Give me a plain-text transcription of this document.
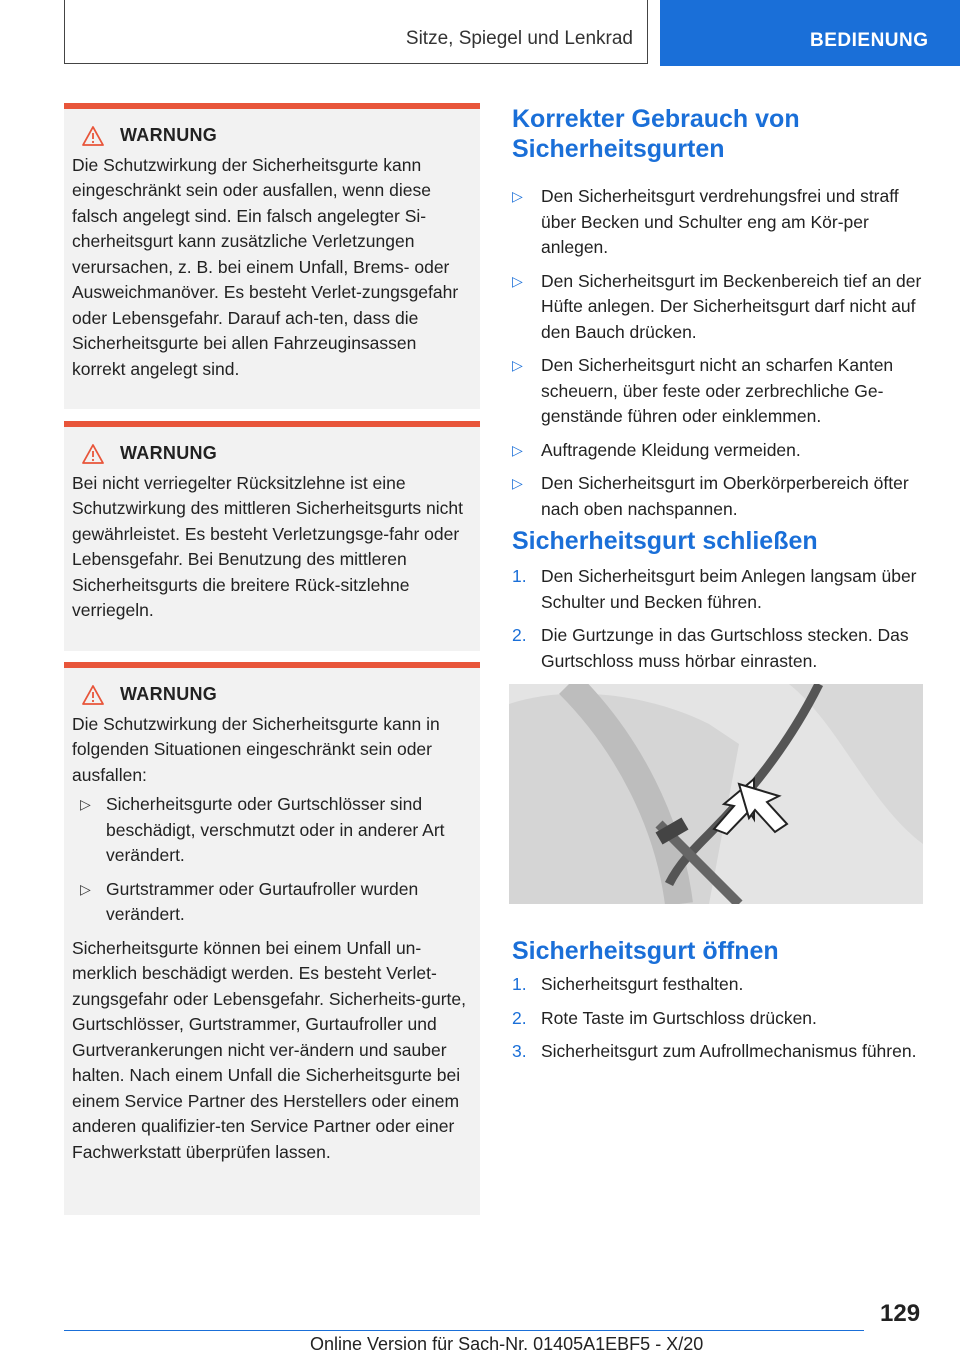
Sitze, Spiegel und Lenkrad	BEDIENUNG
WARNUNG

Die Schutzwirkung der Sicherheitsgurte kann eingeschränkt sein oder ausfallen, wenn diese falsch angelegt sind. Ein falsch angelegter Si-cherheitsgurt kann zusätzliche Verletzungen verursachen, z. B. bei einem Unfall, Brems- oder Ausweichmanöver. Es besteht Verlet-zungsgefahr oder Lebensgefahr. Darauf ach-ten, dass die Sicherheitsgurte bei allen Fahrzeuginsassen korrekt angelegt sind.

WARNUNG

Bei nicht verriegelter Rücksitzlehne ist eine Schutzwirkung des mittleren Sicherheitsgurts nicht gewährleistet. Es besteht Verletzungsge-fahr oder Lebensgefahr. Bei Benutzung des mittleren Sicherheitsgurts die breitere Rück-sitzlehne verriegeln.

WARNUNG

Die Schutzwirkung der Sicherheitsgurte kann in folgenden Situationen eingeschränkt sein oder ausfallen:

▷ Sicherheitsgurte oder Gurtschlösser sind beschädigt, verschmutzt oder in anderer Art verändert.
▷ Gurtstrammer oder Gurtaufroller wurden verändert.

Sicherheitsgurte können bei einem Unfall un-merklich beschädigt werden. Es besteht Verlet-zungsgefahr oder Lebensgefahr. Sicherheits-gurte, Gurtschlösser, Gurtstrammer, Gurtaufroller und Gurtverankerungen nicht ver-ändern und sauber halten. Nach einem Unfall die Sicherheitsgurte bei einem Service Partner des Herstellers oder einem anderen qualifizier-ten Service Partner oder einer Fachwerkstatt überprüfen lassen.

Korrekter Gebrauch von Sicherheitsgurten
▷ Den Sicherheitsgurt verdrehungsfrei und straff über Becken und Schulter eng am Kör-per anlegen.
▷ Den Sicherheitsgurt im Beckenbereich tief an der Hüfte anlegen. Der Sicherheitsgurt darf nicht auf den Bauch drücken.
▷ Den Sicherheitsgurt nicht an scharfen Kanten scheuern, über feste oder zerbrechliche Ge-genstände führen oder einklemmen.
▷ Auftragende Kleidung vermeiden.
▷ Den Sicherheitsgurt im Oberkörperbereich öfter nach oben nachspannen.
Sicherheitsgurt schließen
1. Den Sicherheitsgurt beim Anlegen langsam über Schulter und Becken führen.
2. Die Gurtzunge in das Gurtschloss stecken. Das Gurtschloss muss hörbar einrasten.
Sicherheitsgurt öffnen
1. Sicherheitsgurt festhalten.
2. Rote Taste im Gurtschloss drücken.
3. Sicherheitsgurt zum Aufrollmechanismus führen.
129
Online Version für Sach-Nr. 01405A1EBF5 - X/20
